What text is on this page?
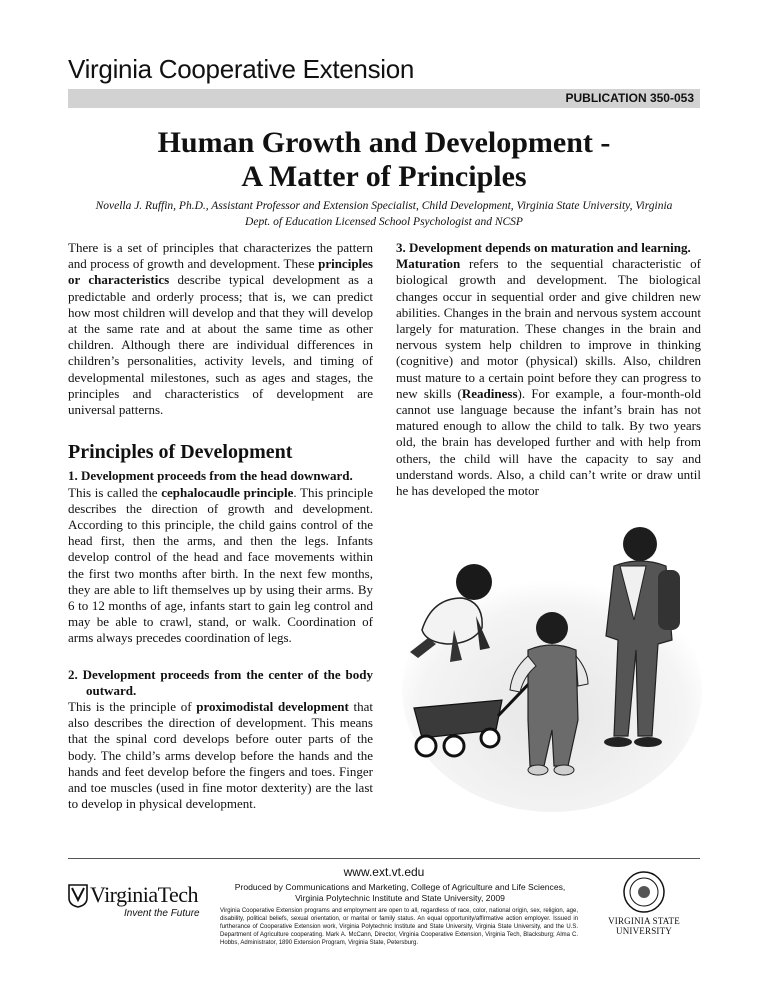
Virginia Cooperative Extension
PUBLICATION 350-053
Human Growth and Development -
A Matter of Principles
Novella J. Ruffin, Ph.D., Assistant Professor and Extension Specialist, Child Development, Virginia State University, Virginia
Dept. of Education Licensed School Psychologist and NCSP

There is a set of principles that characterizes the pattern and process of growth and development. These principles or characteristics describe typical development as a predictable and orderly process; that is, we can predict how most children will develop and that they will develop at the same rate and at about the same time as other children. Although there are individual differences in children’s personalities, activity levels, and timing of developmental milestones, such as ages and stages, the principles and characteristics of development are universal patterns.

Principles of Development

1. Development proceeds from the head downward.

This is called the cephalocaudle principle. This principle describes the direction of growth and development. According to this principle, the child gains control of the head first, then the arms, and then the legs. Infants develop control of the head and face movements within the first two months after birth. In the next few months, they are able to lift themselves up by using their arms. By 6 to 12 months of age, infants start to gain leg control and may be able to crawl, stand, or walk. Coordination of arms always precedes coordination of legs.

2. Development proceeds from the center of the body outward.

This is the principle of proximodistal development that also describes the direction of development. This means that the spinal cord develops before outer parts of the body. The child’s arms develop before the hands and the hands and feet develop before the fingers and toes. Finger and toe muscles (used in fine motor dexterity) are the last to develop in physical development.

3. Development depends on maturation and learning.

Maturation refers to the sequential characteristic of biological growth and development. The biological changes occur in sequential order and give children new abilities. Changes in the brain and nervous system account largely for maturation. These changes in the brain and nervous system help children to improve in thinking (cognitive) and motor (physical) skills. Also, children must mature to a certain point before they can progress to new skills (Readiness). For example, a four-month-old cannot use language because the infant’s brain has not matured enough to allow the child to talk. By two years old, the brain has developed further and with help from others, the child will have the capacity to say and understand words. Also, a child can’t write or draw until he has developed the motor

www.ext.vt.edu
Produced by Communications and Marketing, College of Agriculture and Life Sciences,
Virginia Polytechnic Institute and State University, 2009
Virginia Cooperative Extension programs and employment are open to all, regardless of race, color, national origin, sex, religion, age, disability, political beliefs, sexual orientation, or marital or family status. An equal opportunity/affirmative action employer. Issued in furtherance of Cooperative Extension work, Virginia Polytechnic Institute and State University, Virginia State University, and the U.S. Department of Agriculture cooperating. Mark A. McCann, Director, Virginia Cooperative Extension, Virginia Tech, Blacksburg; Alma C. Hobbs, Administrator, 1890 Extension Program, Virginia State, Petersburg.
VirginiaTech
Invent the Future
VIRGINIA STATE UNIVERSITY
